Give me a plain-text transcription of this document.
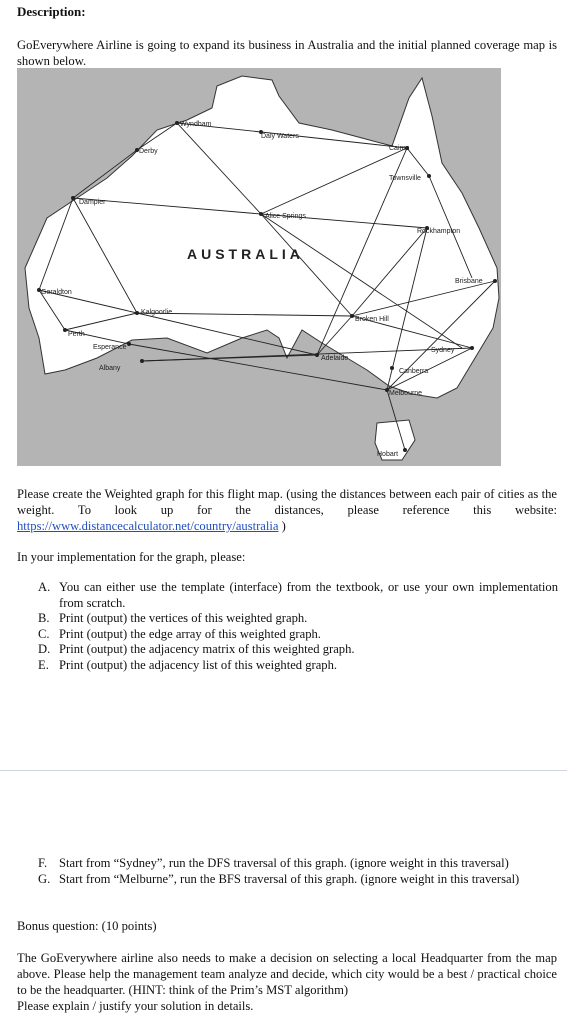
Description:
GoEverywhere Airline is going to expand its business in Australia and the initial planned coverage map is shown below.
Wyndham
Daly Waters
Derby	Cairns
Townsville
Dampier
Alice Springs
Rockhampton
Brisbane
Geraldton
Kalgoorlie
Broken Hill
Perth
Esperance	Sydney
Adelaide
Albany	Canberra
Melbourne
Hobart
AUSTRALIA
Please create the Weighted graph for this flight map. (using the distances between each pair of cities as the weight. To look up for the distances, please reference this website: https://www.distancecalculator.net/country/australia )
In your implementation for the graph, please:
A. You can either use the template (interface) from the textbook, or use your own implementation from scratch.
B. Print (output) the vertices of this weighted graph.
C. Print (output) the edge array of this weighted graph.
D. Print (output) the adjacency matrix of this weighted graph.
E. Print (output) the adjacency list of this weighted graph.
F. Start from “Sydney”, run the DFS traversal of this graph. (ignore weight in this traversal)
G. Start from “Melburne”, run the BFS traversal of this graph. (ignore weight in this traversal)
Bonus question: (10 points)
The GoEverywhere airline also needs to make a decision on selecting a local Headquarter from the map above. Please help the management team analyze and decide, which city would be a best / practical choice to be the headquarter. (HINT: think of the Prim’s MST algorithm)
Please explain / justify your solution in details.
